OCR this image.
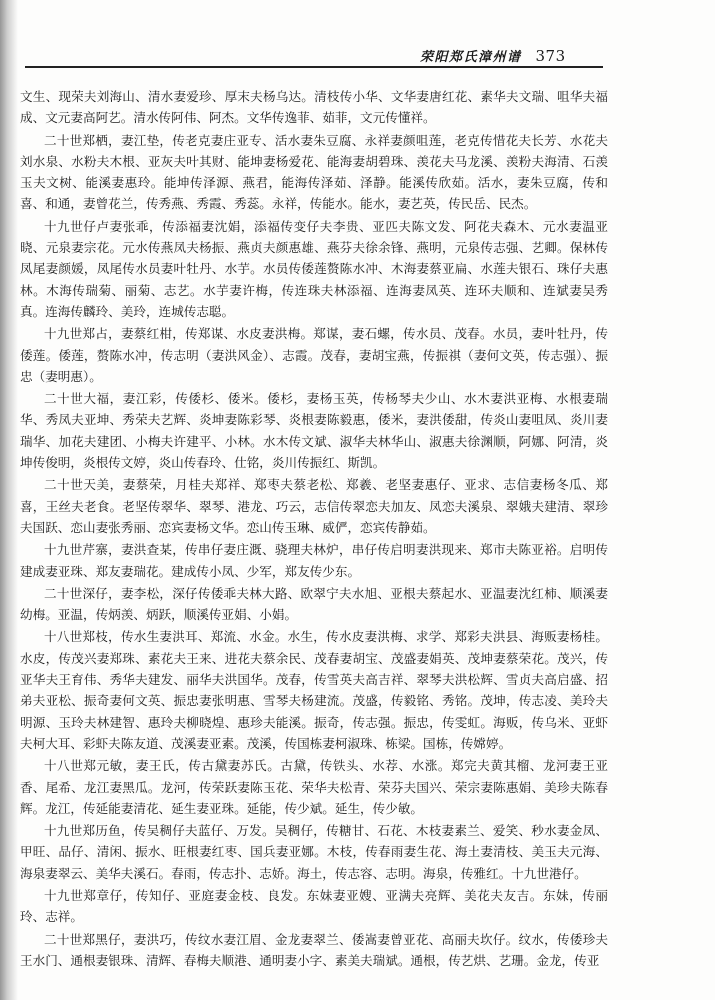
荣阳郑氏漳州谱 373

文生、现荣夫刘海山、清水妻爱珍、厚末夫杨乌达。清枝传小华、文华妻唐红花、素华夫文瑞、咀华夫福成、文元妻高阿艺。清水传阿伟、阿杰。文华传逸菲、茹菲，文元传懂祥。

二十世郑栖，妻江垫，传老克妻庄亚专、活水妻朱豆腐、永祥妻颜咀莲，老克传惜花夫长芳、水花夫刘水泉、水粉夫木根、亚灰夫叶其财、能坤妻杨爱花、能海妻胡碧珠、羡花夫马龙溪、羡粉夫海清、石羡玉夫文树、能溪妻惠玲。能坤传泽源、燕君，能海传泽茹、泽静。能溪传欣茹。活水，妻朱豆腐，传和喜、和通，妻曾花兰，传秀燕、秀霞、秀蕊。永祥，传能水。能水，妻艺英，传民岳、民杰。

十九世仔卢妻张乖，传添福妻沈娟，添福传变仔夫李贵、亚匹夫陈文发、阿花夫森木、元水妻温亚晓、元泉妻宗花。元水传燕凤夫杨振、燕贞夫颜惠雄、燕芬夫徐余锋、燕明，元泉传志强、艺卿。保林传凤尾妻颜媛，凤尾传水员妻叶牡丹、水芋。水员传倭莲赘陈水冲、木海妻蔡亚扁、水莲夫银石、珠仔夫惠林。木海传瑞菊、丽菊、志艺。水芋妻许梅，传连珠夫林添福、连海妻凤英、连环夫顺和、连斌妻吴秀真。连海传麟玲、美玲，连城传志聪。

十九世郑占，妻蔡红柑，传郑谋、水皮妻洪梅。郑谋，妻石螺，传水员、茂春。水员，妻叶牡丹，传倭莲。倭莲，赘陈水冲，传志明（妻洪风金）、志霞。茂春，妻胡宝燕，传振祺（妻何文英，传志强）、振忠（妻明惠）。

二十世大福，妻江彩，传倭杉、倭米。倭杉，妻杨玉英，传杨琴夫少山、水木妻洪亚梅、水根妻瑞华、秀凤夫亚坤、秀荣夫艺辉、炎坤妻陈彩琴、炎根妻陈毅惠，倭米，妻洪倭甜，传炎山妻咀凤、炎川妻瑞华、加花夫建团、小梅夫许建平、小林。水木传文斌、淑华夫林华山、淑惠夫徐渊顺，阿娜、阿清，炎坤传俊明，炎根传文婷，炎山传春玲、仕铭，炎川传振红、斯凯。

二十世天美，妻蔡荣，月桂夫郑祥、郑枣夫蔡老松、郑羲、老坚妻惠仔、亚求、志信妻杨冬瓜、郑喜，王丝夫老食。老坚传翠华、翠琴、港龙、巧云，志信传翠恋夫加友、凤恋夫溪泉、翠娥夫建清、翠珍夫国跃、恋山妻张秀丽、恋宾妻杨文华。恋山传玉琳、威俨，恋宾传静茹。

十九世芹寨，妻洪查某，传串仔妻庄溉、骁理夫林炉，串仔传启明妻洪现来、郑市夫陈亚裕。启明传建成妻亚珠、郑友妻瑞花。建成传小凤、少军，郑友传少东。

二十世深仔，妻李松，深仔传倭乖夫林大路、欧翠宁夫水旭、亚根夫蔡起水、亚温妻沈红柿、顺溪妻幼梅。亚温，传炳羡、炳跃，顺溪传亚娟、小娟。

十八世郑枝，传水生妻洪耳、郑流、水金。水生，传水皮妻洪梅、求学、郑彩夫洪县、海贩妻杨桂。水皮，传茂兴妻郑珠、素花夫王来、进花夫蔡余民、茂春妻胡宝、茂盛妻娟英、茂坤妻蔡荣花。茂兴，传亚华夫王育伟、秀华夫建发、丽华夫洪国华。茂春，传雪英夫高吉祥、翠琴夫洪松辉、雪贞夫高启盛、招弟夫亚松、振奇妻何文英、振忠妻张明惠、雪琴夫杨建流。茂盛，传毅铭、秀铭。茂坤，传志凌、美玲夫明源、玉玲夫林建智、惠玲夫柳晓煌、惠珍夫能溪。振奇，传志强。振忠，传雯虹。海贩，传乌米、亚虾夫柯大耳、彩虾夫陈友道、茂溪妻亚素。茂溪，传国栋妻柯淑珠、栋梁。国栋，传嫦婷。

十八世郑元敏，妻王氏，传古黛妻苏氏。古黛，传铁头、水荐、水涨。郑完夫黄其榴、龙河妻王亚香、尾希、龙江妻黑瓜。龙河，传荣跃妻陈玉花、荣华夫松青、荣芬夫国兴、荣宗妻陈惠娟、美珍夫陈春辉。龙江，传延能妻清花、延生妻亚珠。延能，传少斌。延生，传少敏。

十九世郑历鱼，传吴稠仔夫蓝仔、万发。吴稠仔，传糖甘、石花、木枝妻素兰、爱笑、秒水妻金凤、甲旺、品仔、清闲、振水、旺根妻红枣、国兵妻亚娜。木枝，传春雨妻生花、海土妻清枝、美玉夫元海、海泉妻翠云、美华夫溪石。春雨，传志扑、志娇。海土，传志容、志明。海泉，传雅红。十九世港仔。

十九世郑章仔，传知仔、亚庭妻金枝、良发。东妹妻亚嫂、亚满夫亮辉、美花夫友吉。东妹，传丽玲、志祥。

二十世郑黑仔，妻洪巧，传纹水妻江眉、金龙妻翠兰、倭嵩妻曾亚花、高丽夫坎仔。纹水，传倭珍夫王水门、通根妻银珠、清辉、春梅夫顺港、通明妻小字、素美夫瑞斌。通根，传艺烘、艺珊。金龙，传亚
